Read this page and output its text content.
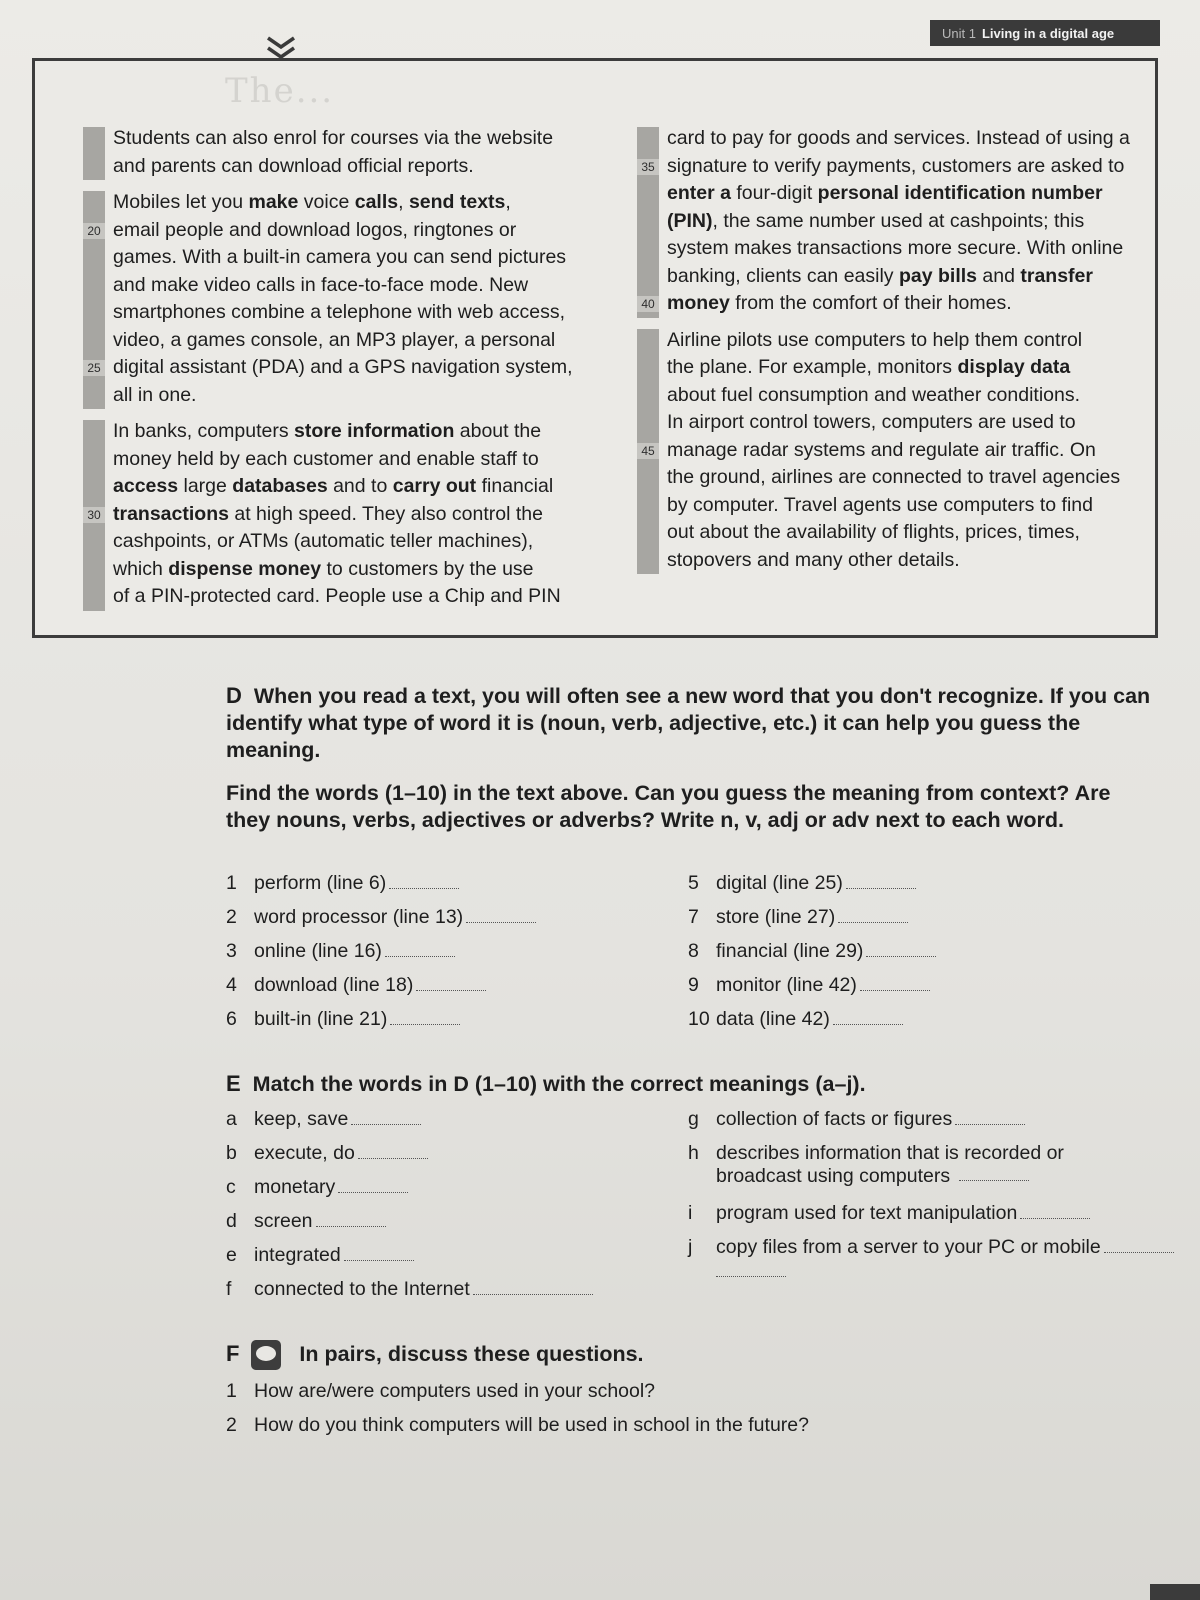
Unit 1 Living in a digital age
The...
Students can also enrol for courses via the website
and parents can download official reports.
Mobiles let you make voice calls, send texts,
20 email people and download logos, ringtones or
games. With a built-in camera you can send pictures
and make video calls in face-to-face mode. New
smartphones combine a telephone with web access,
video, a games console, an MP3 player, a personal
25 digital assistant (PDA) and a GPS navigation system,
all in one.
In banks, computers store information about the
money held by each customer and enable staff to
access large databases and to carry out financial
30 transactions at high speed. They also control the
cashpoints, or ATMs (automatic teller machines),
which dispense money to customers by the use
of a PIN-protected card. People use a Chip and PIN
card to pay for goods and services. Instead of using a
35 signature to verify payments, customers are asked to
enter a four-digit personal identification number
(PIN), the same number used at cashpoints; this
system makes transactions more secure. With online
banking, clients can easily pay bills and transfer
40 money from the comfort of their homes.
Airline pilots use computers to help them control
the plane. For example, monitors display data
about fuel consumption and weather conditions.
In airport control towers, computers are used to
45 manage radar systems and regulate air traffic. On
the ground, airlines are connected to travel agencies
by computer. Travel agents use computers to find
out about the availability of flights, prices, times,
stopovers and many other details.
D When you read a text, you will often see a new word that you don't recognize. If you can identify what type of word it is (noun, verb, adjective, etc.) it can help you guess the meaning.
Find the words (1–10) in the text above. Can you guess the meaning from context? Are they nouns, verbs, adjectives or adverbs? Write n, v, adj or adv next to each word.
1 perform (line 6)
2 word processor (line 13)
3 online (line 16)
4 download (line 18)
6 built-in (line 21)
5 digital (line 25)
7 store (line 27)
8 financial (line 29)
9 monitor (line 42)
10 data (line 42)
E Match the words in D (1–10) with the correct meanings (a–j).
a keep, save
b execute, do
c monetary
d screen
e integrated
f connected to the Internet
g collection of facts or figures
h describes information that is recorded or
broadcast using computers
i program used for text manipulation
j copy files from a server to your PC or mobile
F	In pairs, discuss these questions.
1 How are/were computers used in your school?
2 How do you think computers will be used in school in the future?
